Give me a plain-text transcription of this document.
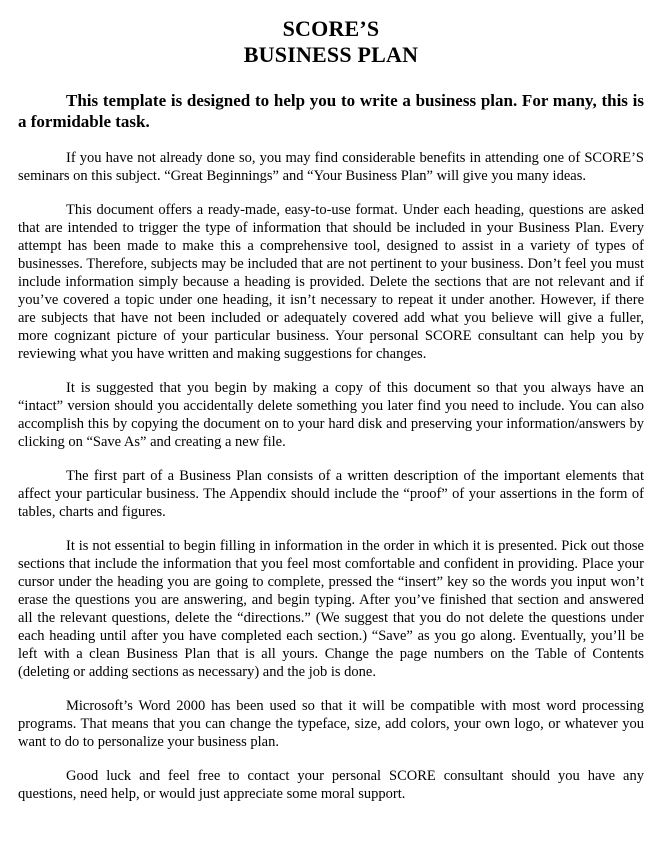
SCORE’S
BUSINESS PLAN

This template is designed to help you to write a business plan. For many, this is a formidable task.

If you have not already done so, you may find considerable benefits in attending one of SCORE’S seminars on this subject. “Great Beginnings” and “Your Business Plan” will give you many ideas.

This document offers a ready-made, easy-to-use format. Under each heading, questions are asked that are intended to trigger the type of information that should be included in your Business Plan. Every attempt has been made to make this a comprehensive tool, designed to assist in a variety of types of businesses. Therefore, subjects may be included that are not pertinent to your business. Don’t feel you must include information simply because a heading is provided. Delete the sections that are not relevant and if you’ve covered a topic under one heading, it isn’t necessary to repeat it under another. However, if there are subjects that have not been included or adequately covered add what you believe will give a fuller, more cognizant picture of your particular business. Your personal SCORE consultant can help you by reviewing what you have written and making suggestions for changes.

It is suggested that you begin by making a copy of this document so that you always have an “intact” version should you accidentally delete something you later find you need to include. You can also accomplish this by copying the document on to your hard disk and preserving your information/answers by clicking on “Save As” and creating a new file.

The first part of a Business Plan consists of a written description of the important elements that affect your particular business. The Appendix should include the “proof” of your assertions in the form of tables, charts and figures.

It is not essential to begin filling in information in the order in which it is presented. Pick out those sections that include the information that you feel most comfortable and confident in providing. Place your cursor under the heading you are going to complete, pressed the “insert” key so the words you input won’t erase the questions you are answering, and begin typing. After you’ve finished that section and answered all the relevant questions, delete the “directions.” (We suggest that you do not delete the questions under each heading until after you have completed each section.) “Save” as you go along. Eventually, you’ll be left with a clean Business Plan that is all yours. Change the page numbers on the Table of Contents (deleting or adding sections as necessary) and the job is done.

Microsoft’s Word 2000 has been used so that it will be compatible with most word processing programs. That means that you can change the typeface, size, add colors, your own logo, or whatever you want to do to personalize your business plan.

Good luck and feel free to contact your personal SCORE consultant should you have any questions, need help, or would just appreciate some moral support.
